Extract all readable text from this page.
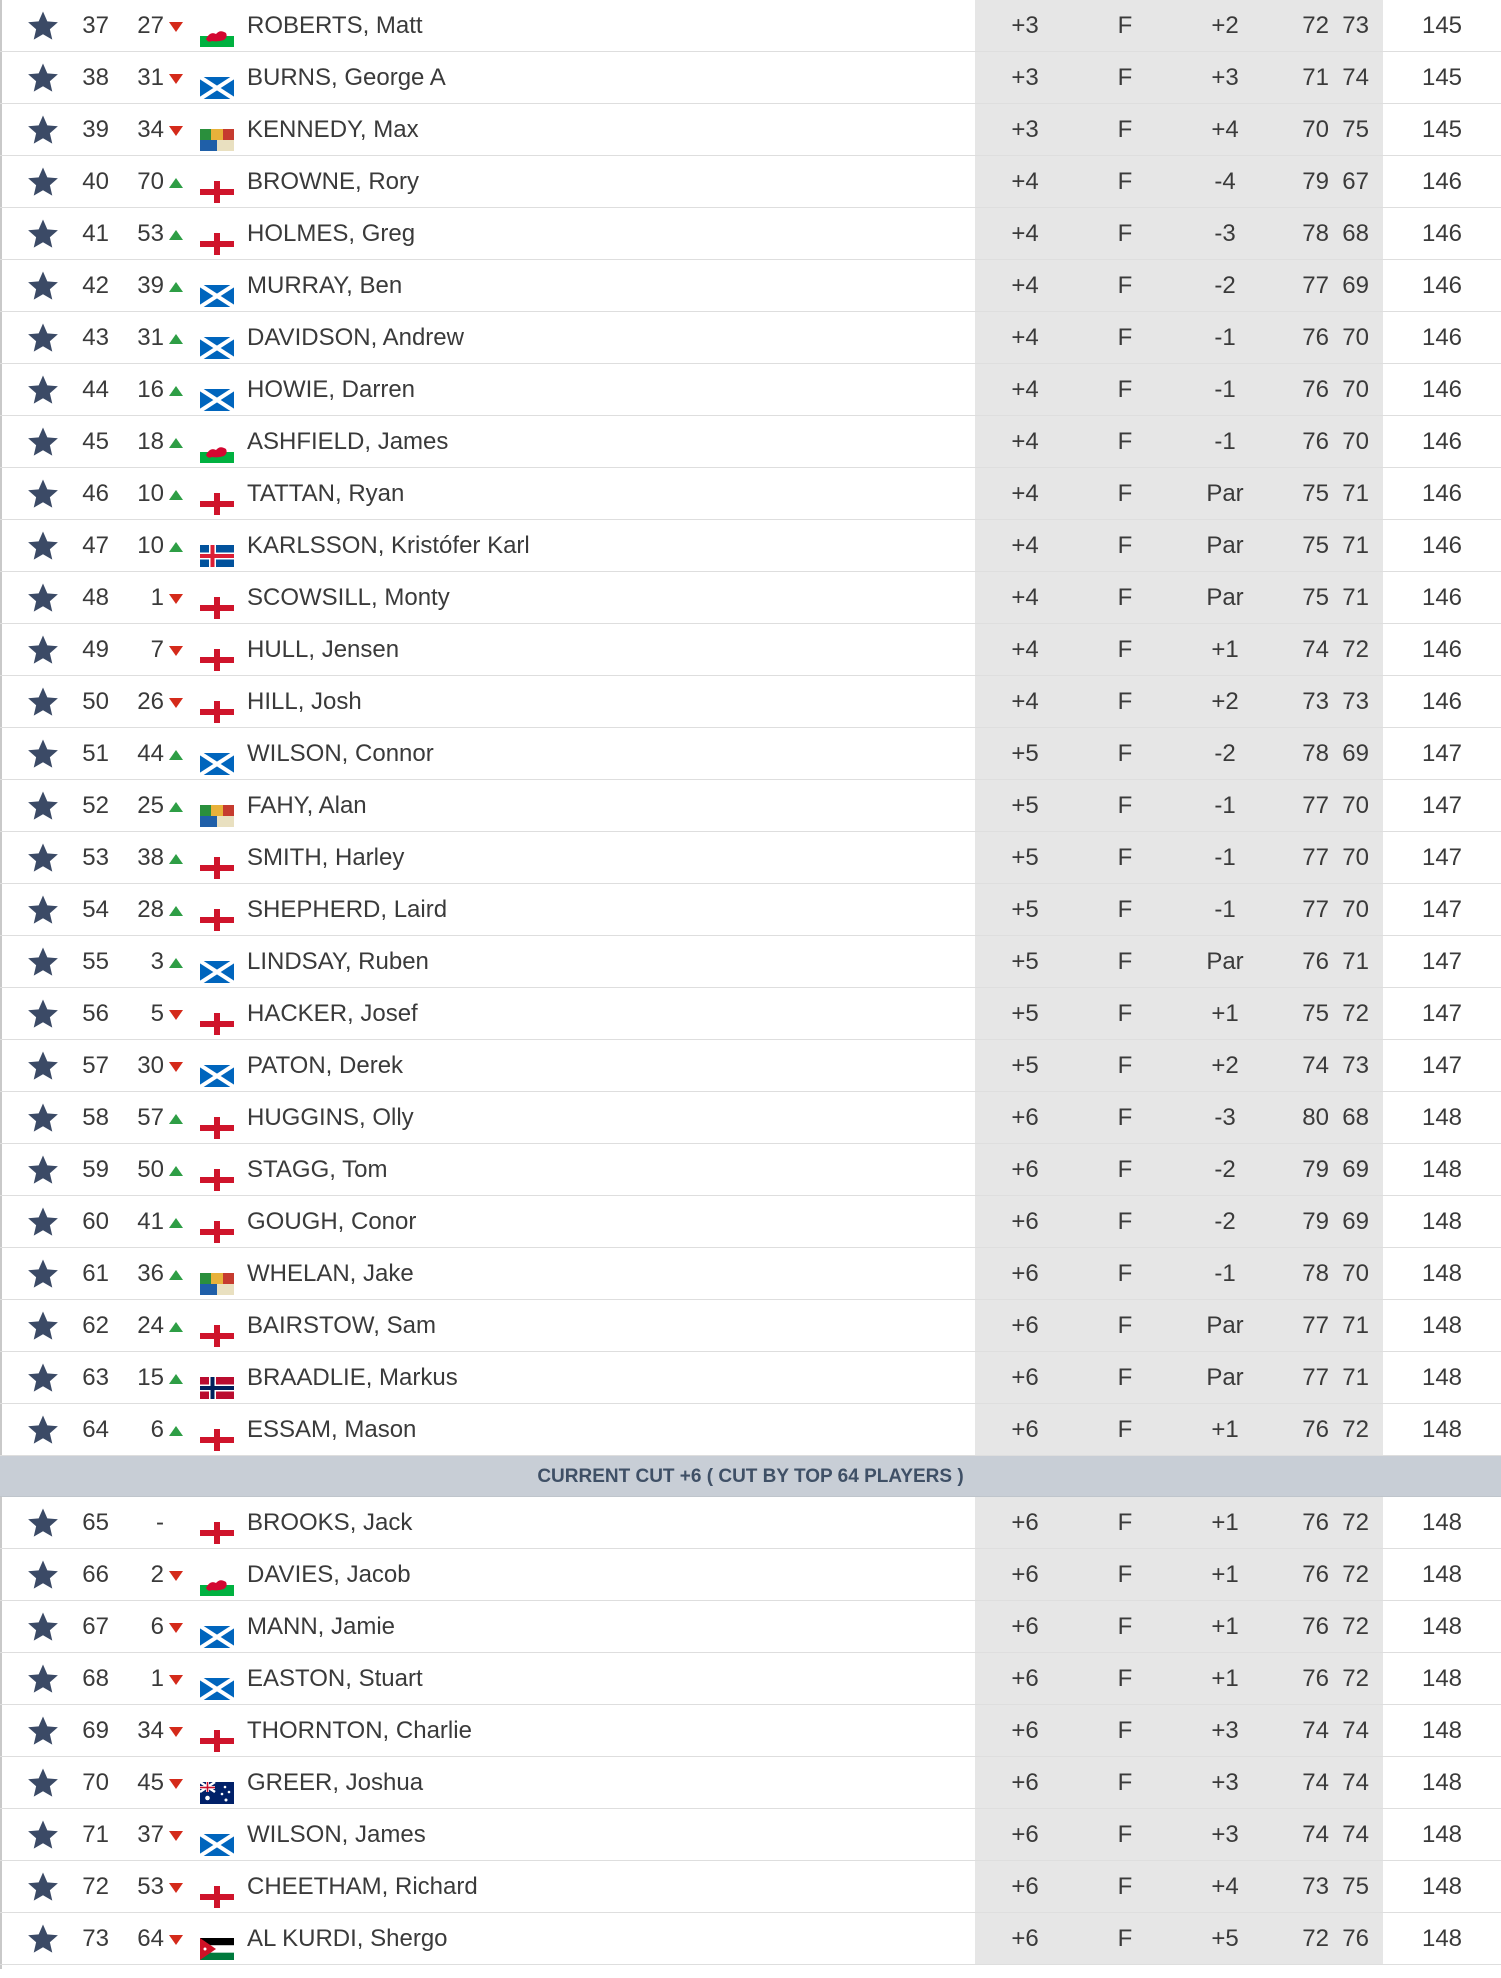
37	27	ROBERTS, Matt	+3	F	+2	72 73	145
38	31	BURNS, George A	+3	F	+3	71 74	145
39	34	KENNEDY, Max	+3	F	+4	70 75	145
40	70	BROWNE, Rory	+4	F	-4	79 67	146
41	53	HOLMES, Greg	+4	F	-3	78 68	146
42	39	MURRAY, Ben	+4	F	-2	77 69	146
43	31	DAVIDSON, Andrew	+4	F	-1	76 70	146
44	16	HOWIE, Darren	+4	F	-1	76 70	146
45	18	ASHFIELD, James	+4	F	-1	76 70	146
46	10	TATTAN, Ryan	+4	F	Par	75 71	146
47	10	KARLSSON, Kristófer Karl	+4	F	Par	75 71	146
48	1	SCOWSILL, Monty	+4	F	Par	75 71	146
49	7	HULL, Jensen	+4	F	+1	74 72	146
50	26	HILL, Josh	+4	F	+2	73 73	146
51	44	WILSON, Connor	+5	F	-2	78 69	147
52	25	FAHY, Alan	+5	F	-1	77 70	147
53	38	SMITH, Harley	+5	F	-1	77 70	147
54	28	SHEPHERD, Laird	+5	F	-1	77 70	147
55	3	LINDSAY, Ruben	+5	F	Par	76 71	147
56	5	HACKER, Josef	+5	F	+1	75 72	147
57	30	PATON, Derek	+5	F	+2	74 73	147
58	57	HUGGINS, Olly	+6	F	-3	80 68	148
59	50	STAGG, Tom	+6	F	-2	79 69	148
60	41	GOUGH, Conor	+6	F	-2	79 69	148
61	36	WHELAN, Jake	+6	F	-1	78 70	148
62	24	BAIRSTOW, Sam	+6	F	Par	77 71	148
63	15	BRAADLIE, Markus	+6	F	Par	77 71	148
64	6	ESSAM, Mason	+6	F	+1	76 72	148
CURRENT CUT +6 ( CUT BY TOP 64 PLAYERS )
65	-	BROOKS, Jack	+6	F	+1	76 72	148
66	2	DAVIES, Jacob	+6	F	+1	76 72	148
67	6	MANN, Jamie	+6	F	+1	76 72	148
68	1	EASTON, Stuart	+6	F	+1	76 72	148
69	34	THORNTON, Charlie	+6	F	+3	74 74	148
70	45	GREER, Joshua	+6	F	+3	74 74	148
71	37	WILSON, James	+6	F	+3	74 74	148
72	53	CHEETHAM, Richard	+6	F	+4	73 75	148
73	64	AL KURDI, Shergo	+6	F	+5	72 76	148
